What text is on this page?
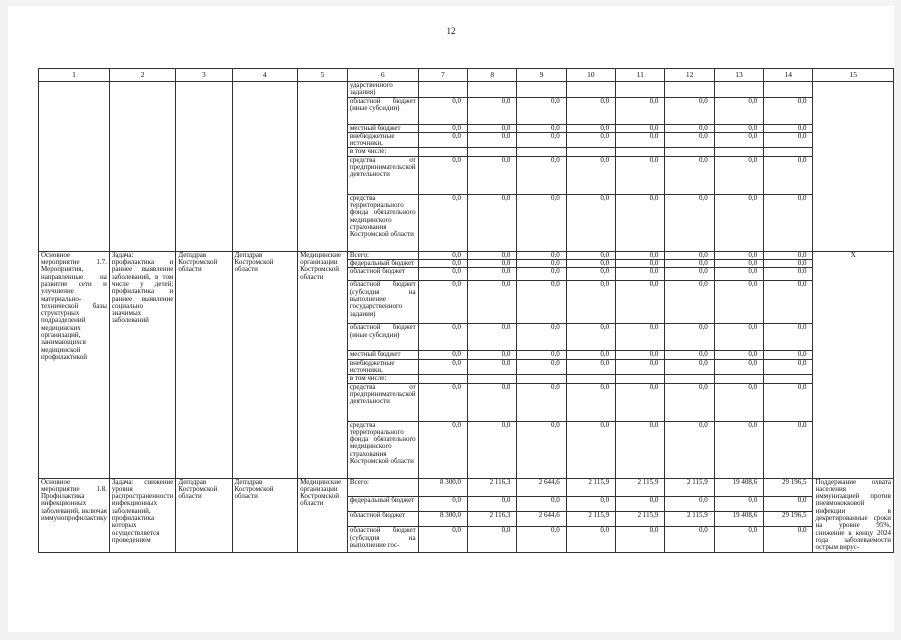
12
1	2	3	4	5	6	7	8	9	10	11	12	13	14	15
					ударственного задания)									
					областной бюджет (иные субсидии)	0,0	0,0	0,0	0,0	0,0	0,0	0,0	0,0	
					местный бюджет	0,0	0,0	0,0	0,0	0,0	0,0	0,0	0,0	
					внебюджетные источники,	0,0	0,0	0,0	0,0	0,0	0,0	0,0	0,0	
					в том числе:									
					средства от предпринимательской деятельности	0,0	0,0	0,0	0,0	0,0	0,0	0,0	0,0	
					средства территориального фонда обязательного медицинского страхования Костромской области	0,0	0,0	0,0	0,0	0,0	0,0	0,0	0,0	
Основное мероприятие 1.7. Мероприятия, направленные на развитие сети и улучшение материально-технической базы структурных подразделений медицинских организаций, занимающихся медицинской профилактикой	Задача: профилактика и раннее выявление заболеваний, в том числе у детей; профилактика и раннее выявление социально значимых заболеваний	Депздрав Костромской области	Депздрав Костромской области	Медицинские организации Костромской области	Всего:	0,0	0,0	0,0	0,0	0,0	0,0	0,0	0,0	Х
					федеральный бюджет	0,0	0,0	0,0	0,0	0,0	0,0	0,0	0,0	
					областной бюджет	0,0	0,0	0,0	0,0	0,0	0,0	0,0	0,0	
					областной бюджет (субсидия на выполнение государственного задания)	0,0	0,0	0,0	0,0	0,0	0,0	0,0	0,0	
					областной бюджет (иные субсидии)	0,0	0,0	0,0	0,0	0,0	0,0	0,0	0,0	
					местный бюджет	0,0	0,0	0,0	0,0	0,0	0,0	0,0	0,0	
					внебюджетные источники,	0,0	0,0	0,0	0,0	0,0	0,0	0,0	0,0	
					в том числе:									
					средства от предпринимательской деятельности	0,0	0,0	0,0	0,0	0,0	0,0	0,0	0,0	
					средства территориального фонда обязательного медицинского страхования Костромской области	0,0	0,0	0,0	0,0	0,0	0,0	0,0	0,0	
Основное мероприятие 1.8. Профилактика инфекционных заболеваний, включая иммунопрофилактику	Задача: снижение уровня распространенности инфекционных заболеваний, профилактика которых осуществляется проведением	Депздрав Костромской области	Депздрав Костромской области	Медицинские организации Костромской области	Всего:	8 300,0	2 116,3	2 644,6	2 115,9	2 115,9	2 115,9	19 408,6	29 196,5	Поддержание охвата населения иммунизацией против пневмококковой инфекции в декретированные сроки на уровне 95%, снижение к концу 2024 года заболеваемости острым вирус-
					федеральный бюджет	0,0	0,0	0,0	0,0	0,0	0,0	0,0	0,0	
					областной бюджет	8 300,0	2 116,3	2 644,6	2 115,9	2 115,9	2 115,9	19 408,6	29 196,5	
					областной бюджет (субсидия на выполнение гос-	0,0	0,0	0,0	0,0	0,0	0,0	0,0	0,0	
